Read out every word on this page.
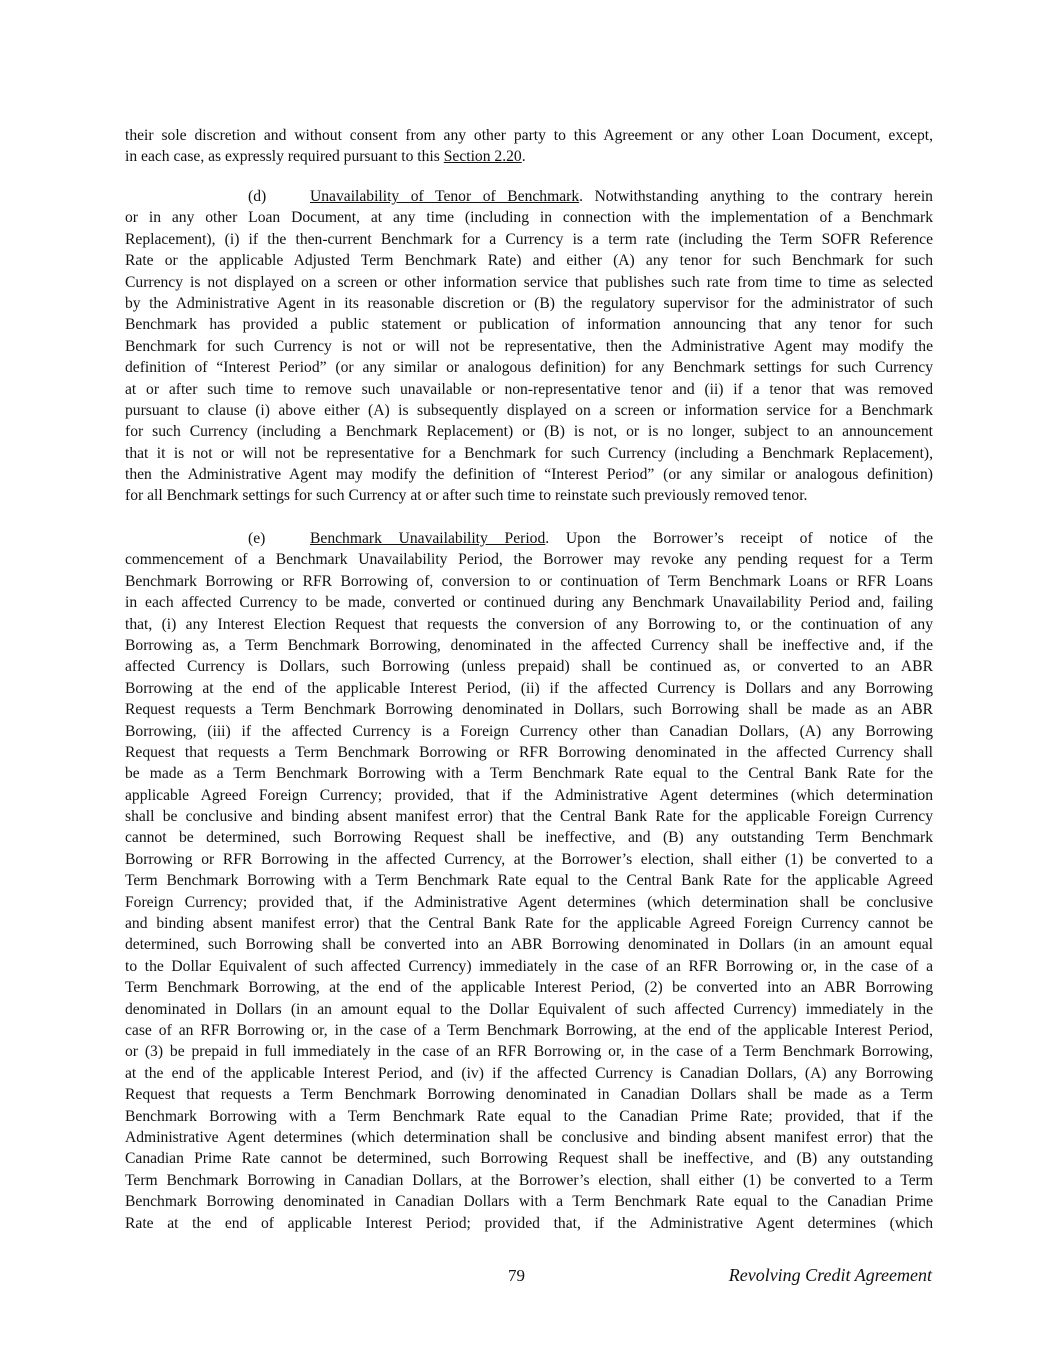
their sole discretion and without consent from any other party to this Agreement or any other Loan Document, except,
in each case, as expressly required pursuant to this Section 2.20.
(d)	Unavailability of Tenor of Benchmark. Notwithstanding anything to the contrary herein
or in any other Loan Document, at any time (including in connection with the implementation of a Benchmark
Replacement), (i) if the then-current Benchmark for a Currency is a term rate (including the Term SOFR Reference
Rate or the applicable Adjusted Term Benchmark Rate) and either (A) any tenor for such Benchmark for such
Currency is not displayed on a screen or other information service that publishes such rate from time to time as selected
by the Administrative Agent in its reasonable discretion or (B) the regulatory supervisor for the administrator of such
Benchmark has provided a public statement or publication of information announcing that any tenor for such
Benchmark for such Currency is not or will not be representative, then the Administrative Agent may modify the
definition of “Interest Period” (or any similar or analogous definition) for any Benchmark settings for such Currency
at or after such time to remove such unavailable or non-representative tenor and (ii) if a tenor that was removed
pursuant to clause (i) above either (A) is subsequently displayed on a screen or information service for a Benchmark
for such Currency (including a Benchmark Replacement) or (B) is not, or is no longer, subject to an announcement
that it is not or will not be representative for a Benchmark for such Currency (including a Benchmark Replacement),
then the Administrative Agent may modify the definition of “Interest Period” (or any similar or analogous definition)
for all Benchmark settings for such Currency at or after such time to reinstate such previously removed tenor.
(e)	Benchmark Unavailability Period. Upon the Borrower’s receipt of notice of the
commencement of a Benchmark Unavailability Period, the Borrower may revoke any pending request for a Term
Benchmark Borrowing or RFR Borrowing of, conversion to or continuation of Term Benchmark Loans or RFR Loans
in each affected Currency to be made, converted or continued during any Benchmark Unavailability Period and, failing
that, (i) any Interest Election Request that requests the conversion of any Borrowing to, or the continuation of any
Borrowing as, a Term Benchmark Borrowing, denominated in the affected Currency shall be ineffective and, if the
affected Currency is Dollars, such Borrowing (unless prepaid) shall be continued as, or converted to an ABR
Borrowing at the end of the applicable Interest Period, (ii) if the affected Currency is Dollars and any Borrowing
Request requests a Term Benchmark Borrowing denominated in Dollars, such Borrowing shall be made as an ABR
Borrowing, (iii) if the affected Currency is a Foreign Currency other than Canadian Dollars, (A) any Borrowing
Request that requests a Term Benchmark Borrowing or RFR Borrowing denominated in the affected Currency shall
be made as a Term Benchmark Borrowing with a Term Benchmark Rate equal to the Central Bank Rate for the
applicable Agreed Foreign Currency; provided, that if the Administrative Agent determines (which determination
shall be conclusive and binding absent manifest error) that the Central Bank Rate for the applicable Foreign Currency
cannot be determined, such Borrowing Request shall be ineffective, and (B) any outstanding Term Benchmark
Borrowing or RFR Borrowing in the affected Currency, at the Borrower’s election, shall either (1) be converted to a
Term Benchmark Borrowing with a Term Benchmark Rate equal to the Central Bank Rate for the applicable Agreed
Foreign Currency; provided that, if the Administrative Agent determines (which determination shall be conclusive
and binding absent manifest error) that the Central Bank Rate for the applicable Agreed Foreign Currency cannot be
determined, such Borrowing shall be converted into an ABR Borrowing denominated in Dollars (in an amount equal
to the Dollar Equivalent of such affected Currency) immediately in the case of an RFR Borrowing or, in the case of a
Term Benchmark Borrowing, at the end of the applicable Interest Period, (2) be converted into an ABR Borrowing
denominated in Dollars (in an amount equal to the Dollar Equivalent of such affected Currency) immediately in the
case of an RFR Borrowing or, in the case of a Term Benchmark Borrowing, at the end of the applicable Interest Period,
or (3) be prepaid in full immediately in the case of an RFR Borrowing or, in the case of a Term Benchmark Borrowing,
at the end of the applicable Interest Period, and (iv) if the affected Currency is Canadian Dollars, (A) any Borrowing
Request that requests a Term Benchmark Borrowing denominated in Canadian Dollars shall be made as a Term
Benchmark Borrowing with a Term Benchmark Rate equal to the Canadian Prime Rate; provided, that if the
Administrative Agent determines (which determination shall be conclusive and binding absent manifest error) that the
Canadian Prime Rate cannot be determined, such Borrowing Request shall be ineffective, and (B) any outstanding
Term Benchmark Borrowing in Canadian Dollars, at the Borrower’s election, shall either (1) be converted to a Term
Benchmark Borrowing denominated in Canadian Dollars with a Term Benchmark Rate equal to the Canadian Prime
Rate at the end of applicable Interest Period; provided that, if the Administrative Agent determines (which
79	Revolving Credit Agreement
